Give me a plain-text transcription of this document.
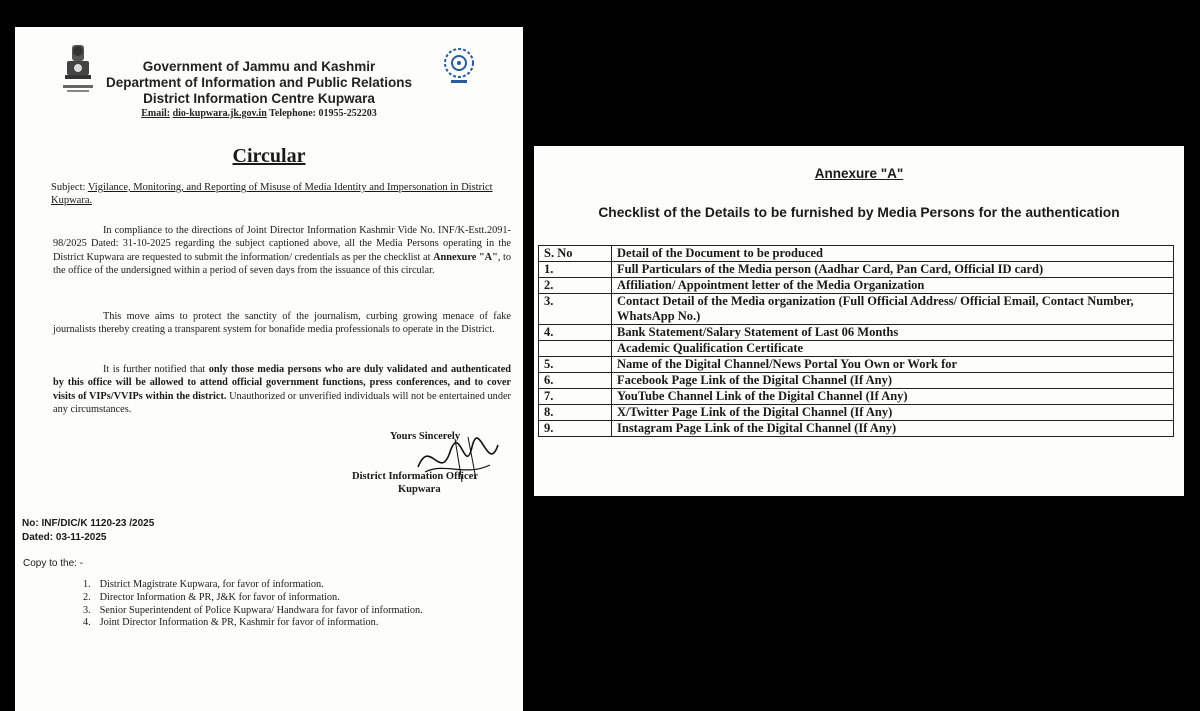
Government of Jammu and Kashmir
Department of Information and Public Relations
District Information Centre Kupwara
Email: dio-kupwara.jk.gov.in Telephone: 01955-252203
Circular
Subject: Vigilance, Monitoring, and Reporting of Misuse of Media Identity and Impersonation in District Kupwara.
In compliance to the directions of Joint Director Information Kashmir Vide No. INF/K-Estt.2091-98/2025 Dated: 31-10-2025 regarding the subject captioned above, all the Media Persons operating in the District Kupwara are requested to submit the information/ credentials as per the checklist at Annexure "A", to the office of the undersigned within a period of seven days from the issuance of this circular.
This move aims to protect the sanctity of the journalism, curbing growing menace of fake journalists thereby creating a transparent system for bonafide media professionals to operate in the District.
It is further notified that only those media persons who are duly validated and authenticated by this office will be allowed to attend official government functions, press conferences, and to cover visits of VIPs/VVIPs within the district. Unauthorized or unverified individuals will not be entertained under any circumstances.
Yours Sincerely
District Information Officer
Kupwara
No: INF/DIC/K 1120-23 /2025
Dated: 03-11-2025
Copy to the: -
1. District Magistrate Kupwara, for favor of information.
2. Director Information & PR, J&K for favor of information.
3. Senior Superintendent of Police Kupwara/ Handwara for favor of information.
4. Joint Director Information & PR, Kashmir for favor of information.
Annexure "A"
Checklist of the Details to be furnished by Media Persons for the authentication
S. No	Detail of the Document to be produced
1.	Full Particulars of the Media person (Aadhar Card, Pan Card, Official ID card)
2.	Affiliation/ Appointment letter of the Media Organization
3.	Contact Detail of the Media organization (Full Official Address/ Official Email, Contact Number, WhatsApp No.)
4.	Bank Statement/Salary Statement of Last 06 Months
	Academic Qualification Certificate
5.	Name of the Digital Channel/News Portal You Own or Work for
6.	Facebook Page Link of the Digital Channel (If Any)
7.	YouTube Channel Link of the Digital Channel (If Any)
8.	X/Twitter Page Link of the Digital Channel (If Any)
9.	Instagram Page Link of the Digital Channel (If Any)
